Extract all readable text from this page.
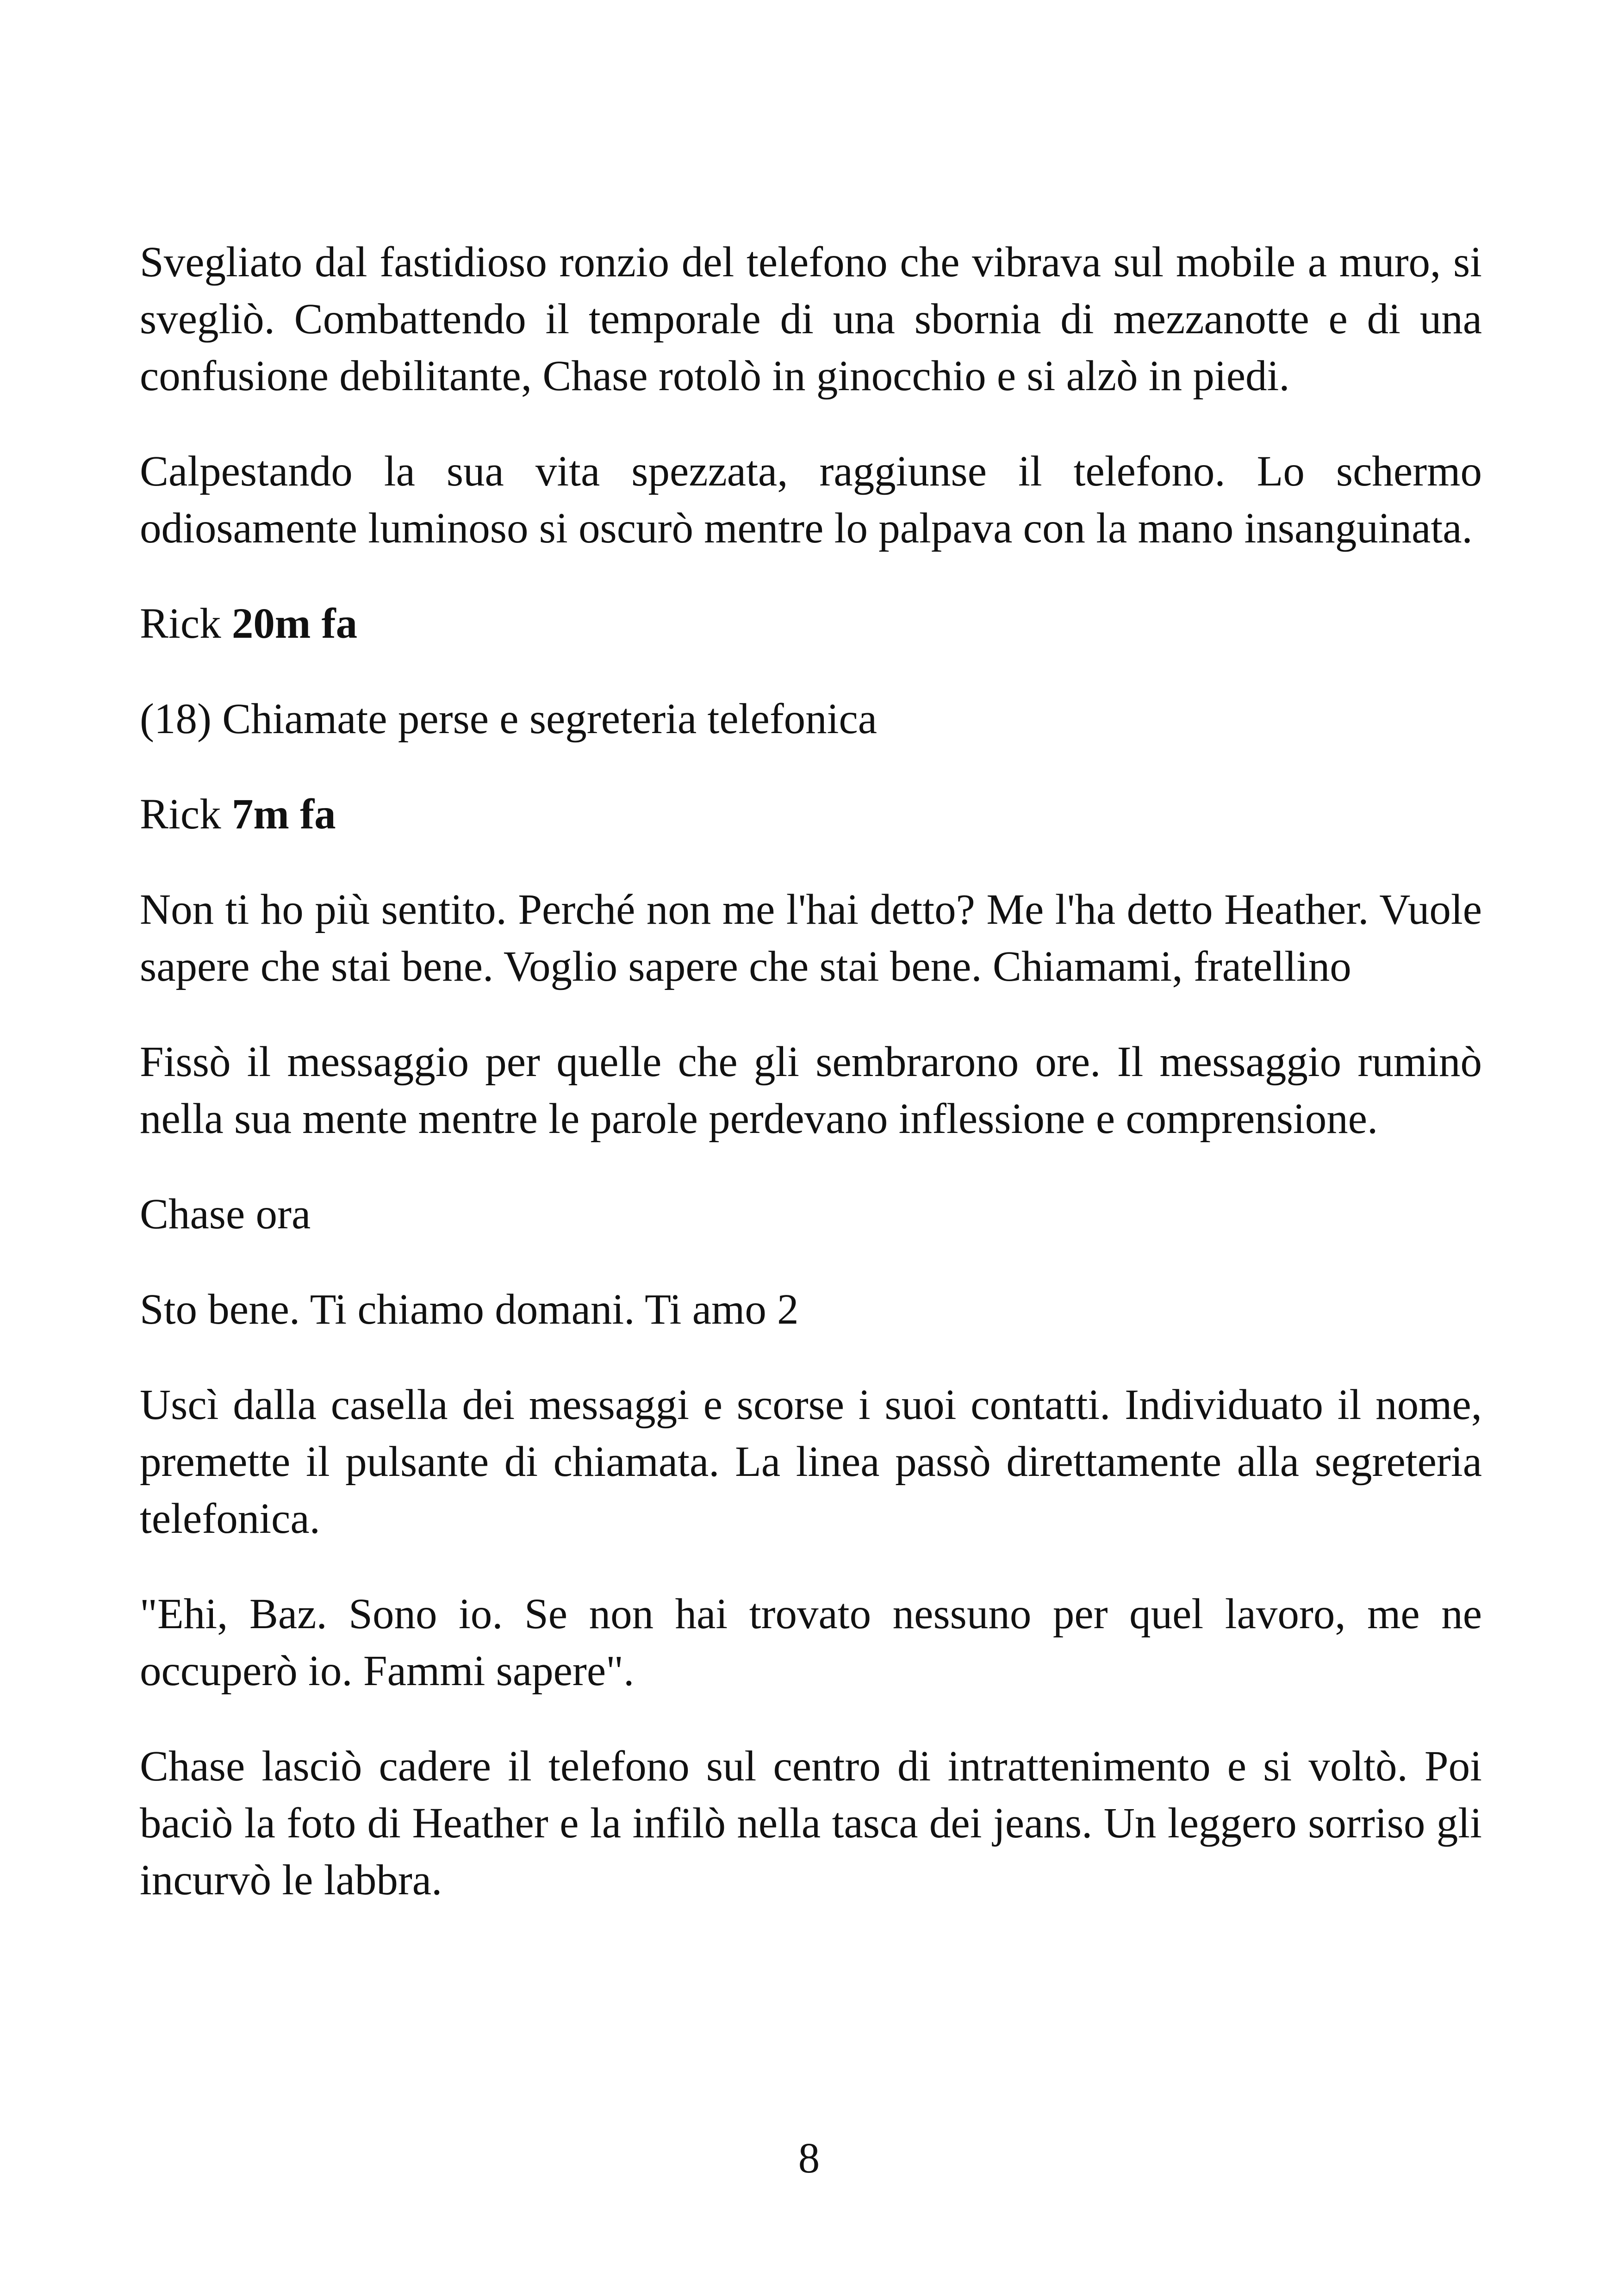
Svegliato dal fastidioso ronzio del telefono che vibrava sul mobile a muro, si svegliò. Combattendo il temporale di una sbornia di mezzanotte e di una confusione debilitante, Chase rotolò in ginocchio e si alzò in piedi.

Calpestando la sua vita spezzata, raggiunse il telefono. Lo schermo odiosamente luminoso si oscurò mentre lo palpava con la mano insanguinata.

Rick 20m fa

(18) Chiamate perse e segreteria telefonica

Rick 7m fa

Non ti ho più sentito. Perché non me l'hai detto? Me l'ha detto Heather. Vuole sapere che stai bene. Voglio sapere che stai bene. Chiamami, fratellino

Fissò il messaggio per quelle che gli sembrarono ore. Il messaggio ruminò nella sua mente mentre le parole perdevano inflessione e comprensione.

Chase ora

Sto bene. Ti chiamo domani. Ti amo 2

Uscì dalla casella dei messaggi e scorse i suoi contatti. Individuato il nome, premette il pulsante di chiamata. La linea passò direttamente alla segreteria telefonica.

"Ehi, Baz. Sono io. Se non hai trovato nessuno per quel lavoro, me ne occuperò io. Fammi sapere".

Chase lasciò cadere il telefono sul centro di intrattenimento e si voltò. Poi baciò la foto di Heather e la infilò nella tasca dei jeans. Un leggero sorriso gli incurvò le labbra.

8
